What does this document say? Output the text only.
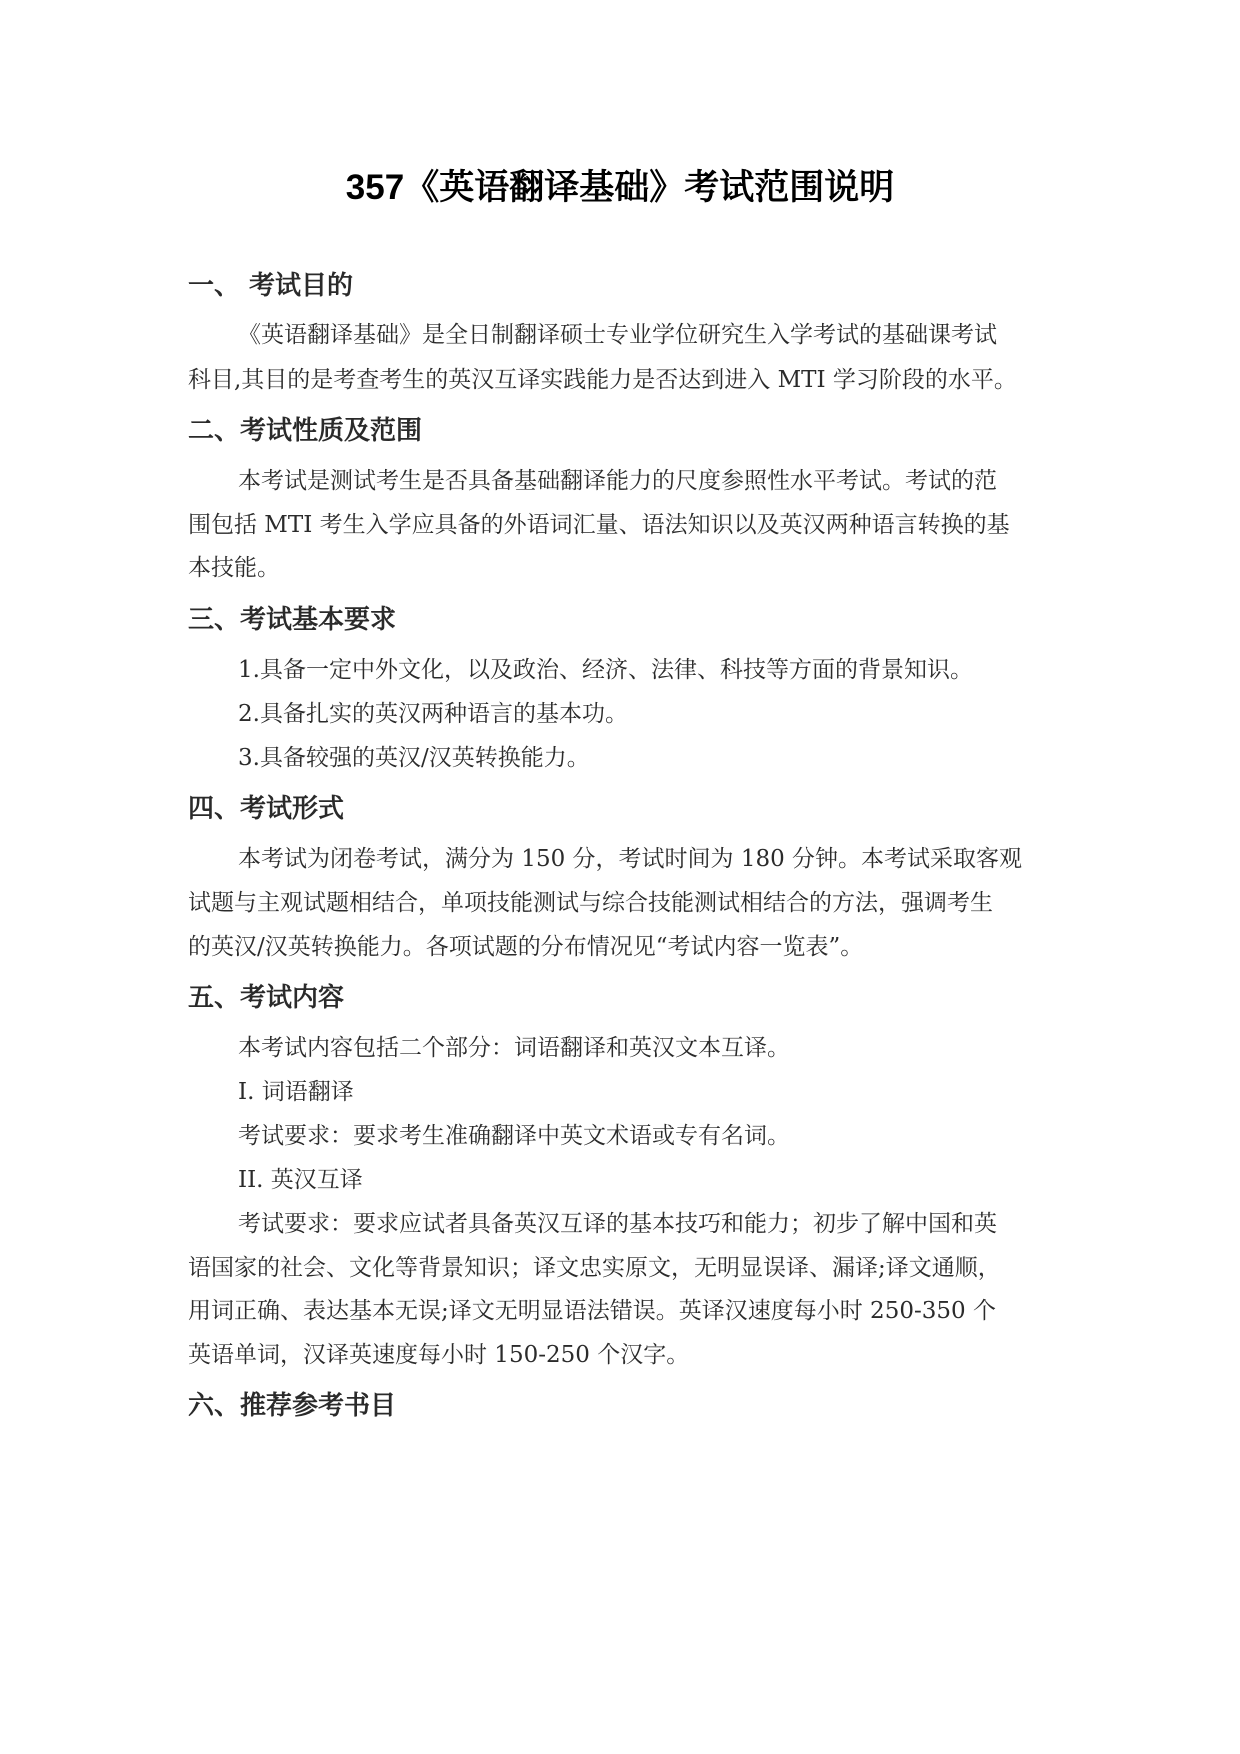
357《英语翻译基础》考试范围说明
一、 考试目的
《英语翻译基础》是全日制翻译硕士专业学位研究生入学考试的基础课考试
科目,其目的是考查考生的英汉互译实践能力是否达到进入 MTI 学习阶段的水平。
二、考试性质及范围
本考试是测试考生是否具备基础翻译能力的尺度参照性水平考试。考试的范
围包括 MTI 考生入学应具备的外语词汇量、语法知识以及英汉两种语言转换的基
本技能。
三、考试基本要求
1.具备一定中外文化，以及政治、经济、法律、科技等方面的背景知识。
2.具备扎实的英汉两种语言的基本功。
3.具备较强的英汉/汉英转换能力。
四、考试形式
本考试为闭卷考试，满分为 150 分，考试时间为 180 分钟。本考试采取客观
试题与主观试题相结合，单项技能测试与综合技能测试相结合的方法，强调考生
的英汉/汉英转换能力。各项试题的分布情况见“考试内容一览表”。
五、考试内容
本考试内容包括二个部分：词语翻译和英汉文本互译。
I. 词语翻译
考试要求：要求考生准确翻译中英文术语或专有名词。
II. 英汉互译
考试要求：要求应试者具备英汉互译的基本技巧和能力；初步了解中国和英
语国家的社会、文化等背景知识；译文忠实原文，无明显误译、漏译;译文通顺，
用词正确、表达基本无误;译文无明显语法错误。英译汉速度每小时 250-350 个
英语单词，汉译英速度每小时 150-250 个汉字。
六、推荐参考书目
